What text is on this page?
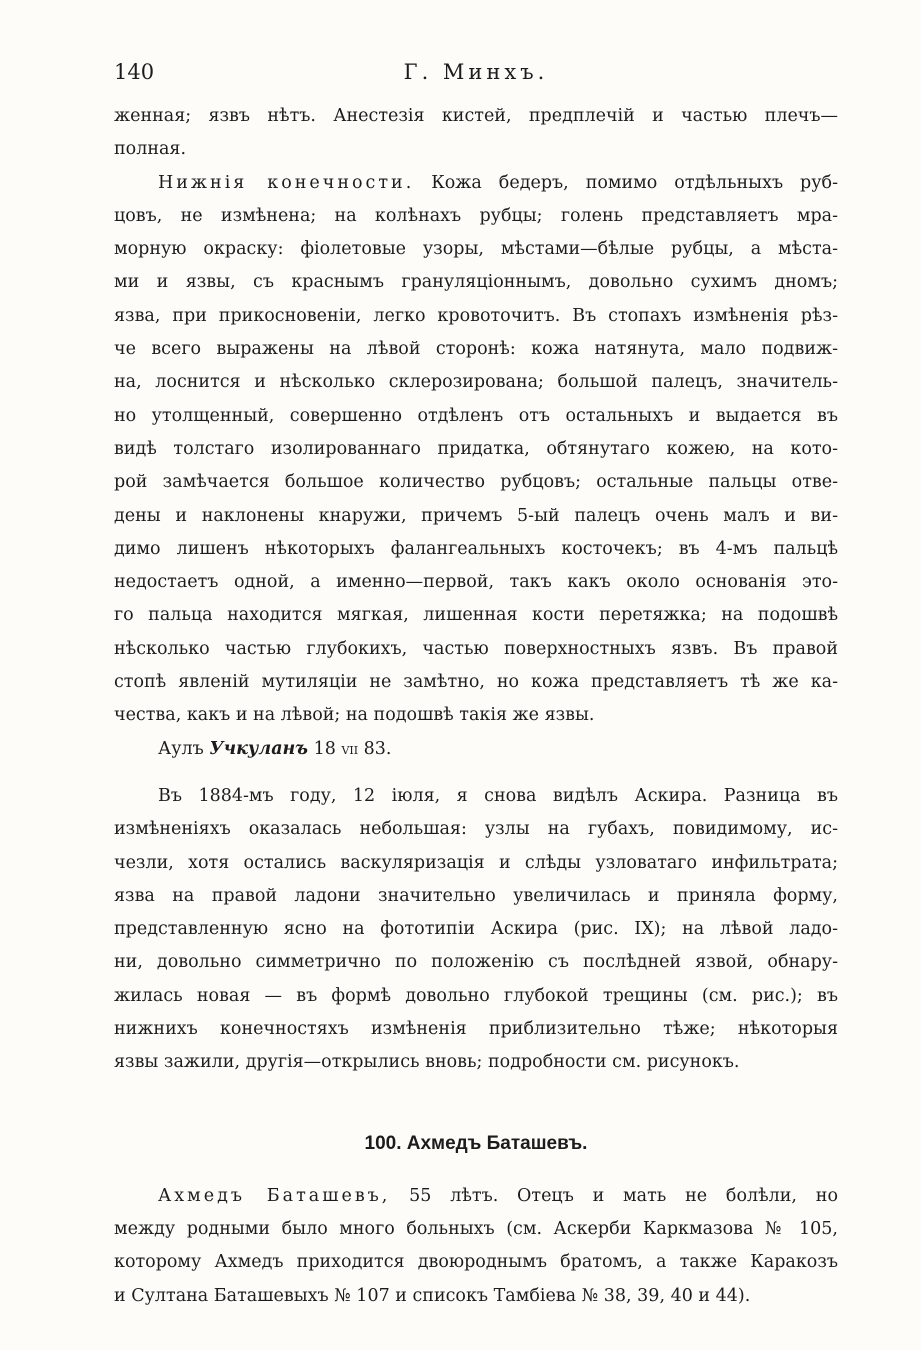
140	Г. Минхъ.
женная; язвъ нѣтъ. Анестезія кистей, предплечій и частью плечъ—
полная.
Нижнія конечности. Кожа бедеръ, помимо отдѣльныхъ руб-
цовъ, не измѣнена; на колѣнахъ рубцы; голень представляетъ мра-
морную окраску: фіолетовые узоры, мѣстами—бѣлые рубцы, а мѣста-
ми и язвы, съ краснымъ грануляціоннымъ, довольно сухимъ дномъ;
язва, при прикосновеніи, легко кровоточитъ. Въ стопахъ измѣненія рѣз-
че всего выражены на лѣвой сторонѣ: кожа натянута, мало подвиж-
на, лоснится и нѣсколько склерозирована; большой палецъ, значитель-
но утолщенный, совершенно отдѣленъ отъ остальныхъ и выдается въ
видѣ толстаго изолированнаго придатка, обтянутаго кожею, на кото-
рой замѣчается большое количество рубцовъ; остальные пальцы отве-
дены и наклонены кнаружи, причемъ 5-ый палецъ очень малъ и ви-
димо лишенъ нѣкоторыхъ фалангеальныхъ косточекъ; въ 4-мъ пальцѣ
недостаетъ одной, а именно—первой, такъ какъ около основанія это-
го пальца находится мягкая, лишенная кости перетяжка; на подошвѣ
нѣсколько частью глубокихъ, частью поверхностныхъ язвъ. Въ правой
стопѣ явленій мутиляціи не замѣтно, но кожа представляетъ тѣ же ка-
чества, какъ и на лѣвой; на подошвѣ такія же язвы.
Аулъ Учкуланъ 18 VII 83.
Въ 1884-мъ году, 12 іюля, я снова видѣлъ Аскира. Разница въ
измѣненіяхъ оказалась небольшая: узлы на губахъ, повидимому, ис-
чезли, хотя остались васкуляризація и слѣды узловатаго инфильтрата;
язва на правой ладони значительно увеличилась и приняла форму,
представленную ясно на фототипіи Аскира (рис. IX); на лѣвой ладо-
ни, довольно симметрично по положенію съ послѣдней язвой, обнару-
жилась новая — въ формѣ довольно глубокой трещины (см. рис.); въ
нижнихъ конечностяхъ измѣненія приблизительно тѣже; нѣкоторыя
язвы зажили, другія—открылись вновь; подробности см. рисунокъ.
100. Ахмедъ Баташевъ.
Ахмедъ Баташевъ, 55 лѣтъ. Отецъ и мать не болѣли, но
между родными было много больныхъ (см. Аскерби Каркмазова № 105,
которому Ахмедъ приходится двоюроднымъ братомъ, а также Каракозъ
и Султана Баташевыхъ № 107 и списокъ Тамбіева № 38, 39, 40 и 44).
